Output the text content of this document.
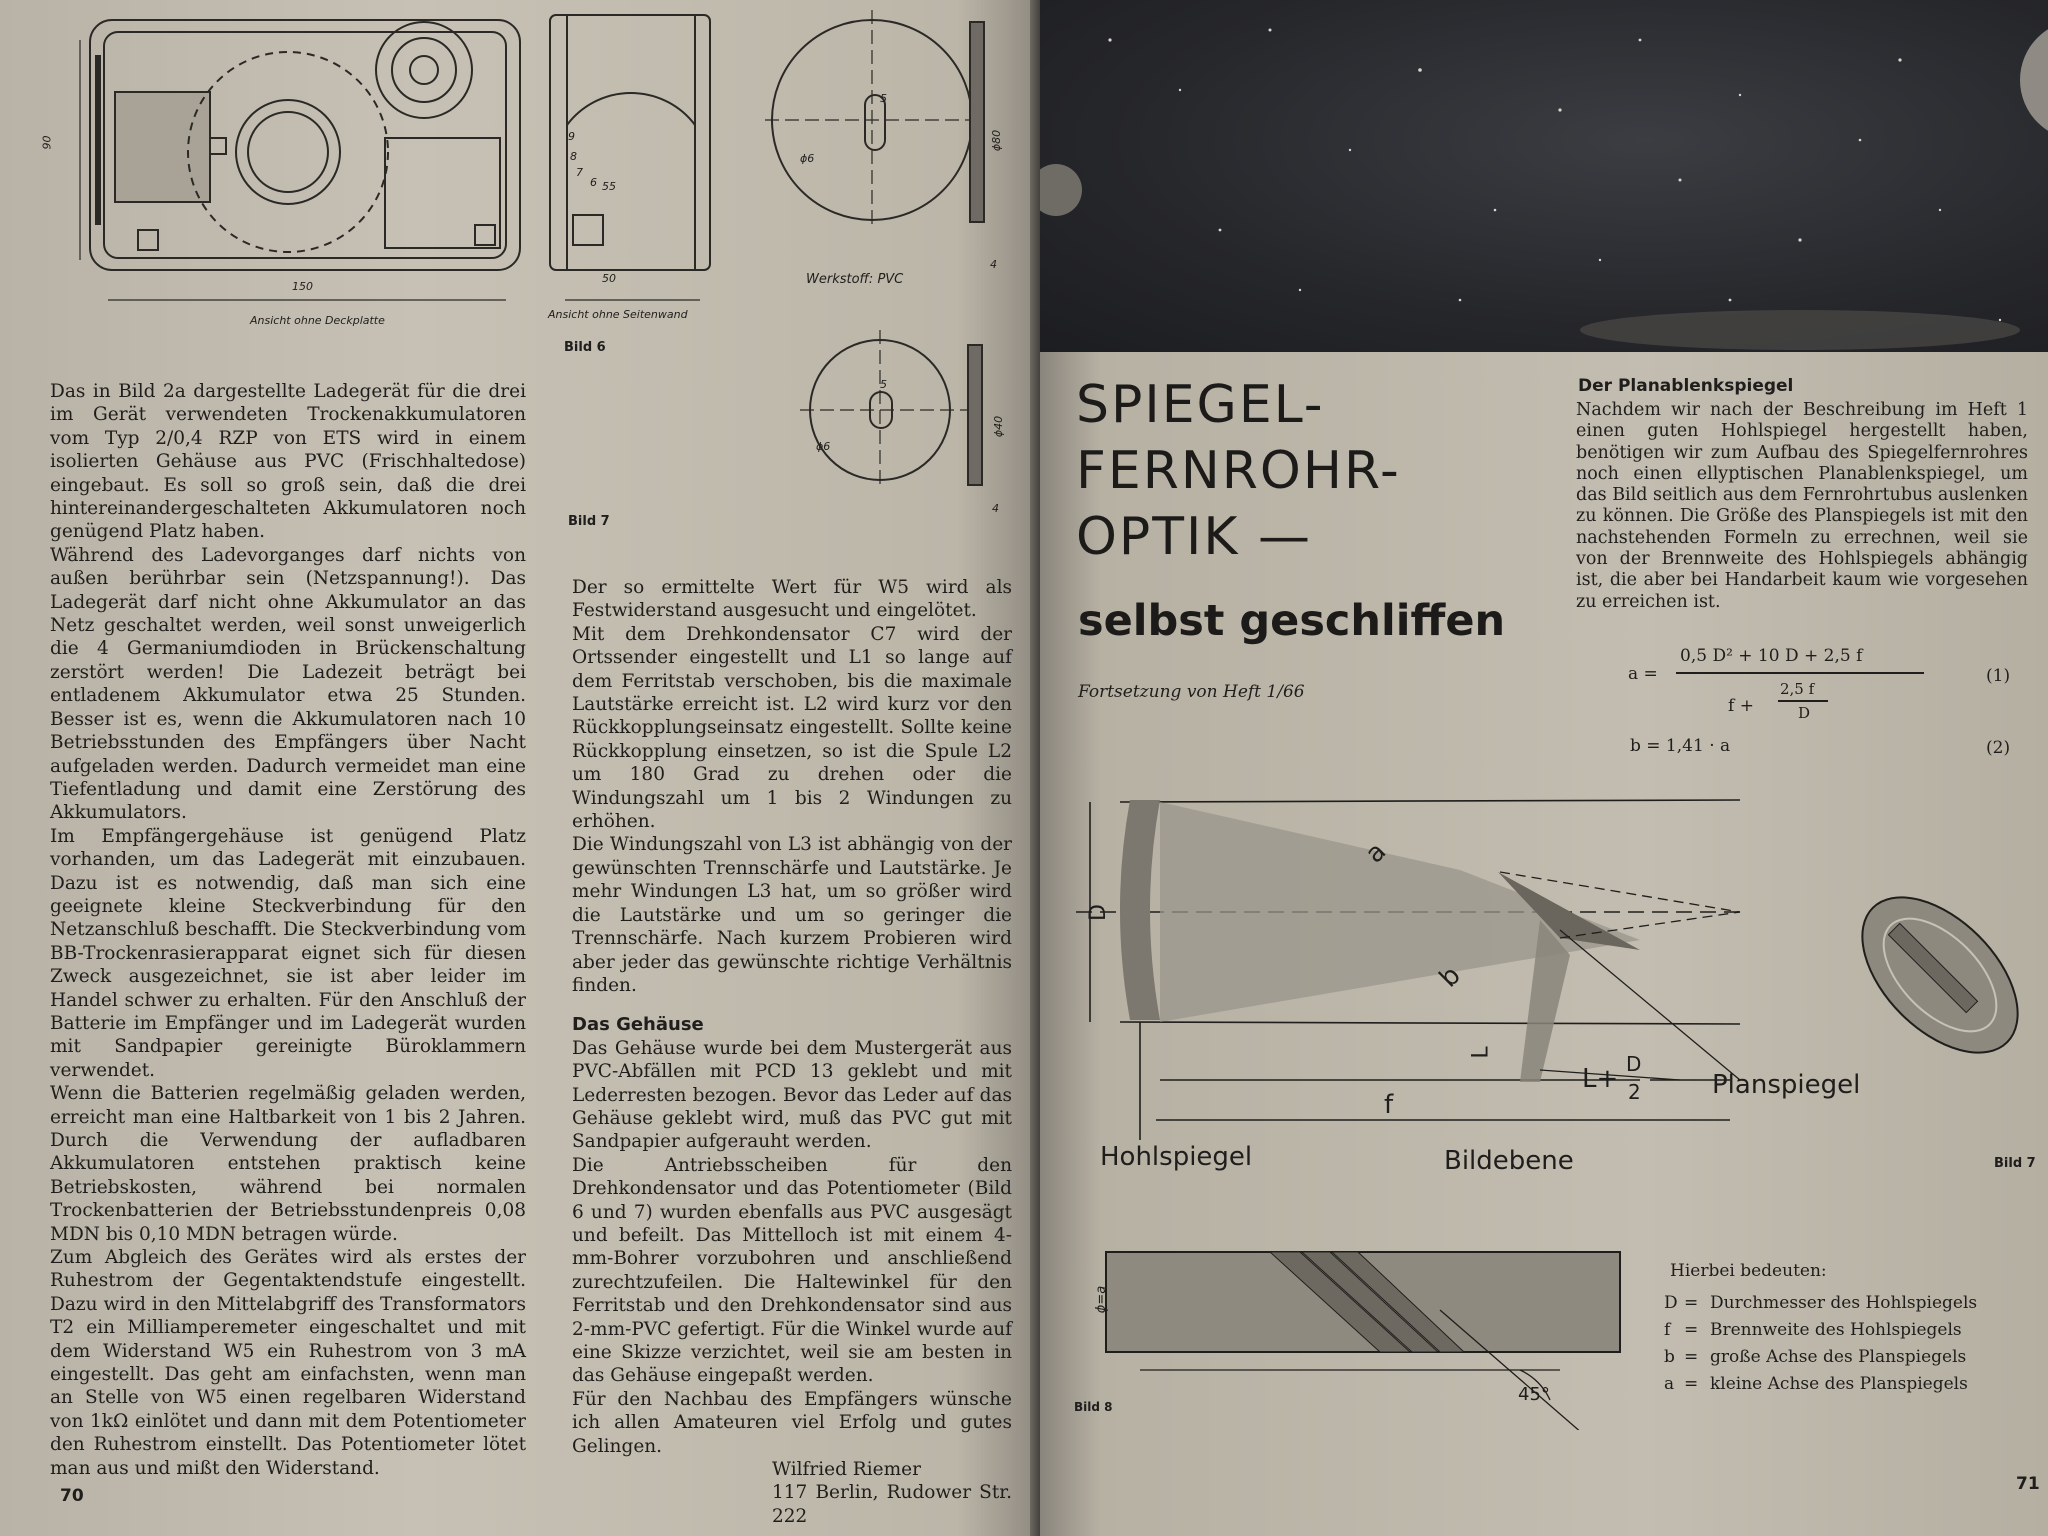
90
150
Ansicht ohne Deckplatte
50
Ansicht ohne Seitenwand
9
8
7
6 55
ϕ6
5
ϕ80
4
Werkstoff: PVC
Bild 6
ϕ6
5
ϕ40
4
Bild 7

Das in Bild 2a dargestellte Ladegerät für die drei im Gerät verwendeten Trockenakkumulatoren vom Typ 2/0,4 RZP von ETS wird in einem isolierten Gehäuse aus PVC (Frischhaltedose) eingebaut. Es soll so groß sein, daß die drei hintereinandergeschalteten Akkumulatoren noch genügend Platz haben.

Während des Ladevorganges darf nichts von außen berührbar sein (Netzspannung!). Das Ladegerät darf nicht ohne Akkumulator an das Netz geschaltet werden, weil sonst unweigerlich die 4 Germaniumdioden in Brückenschaltung zerstört werden! Die Ladezeit beträgt bei entladenem Akkumulator etwa 25 Stunden. Besser ist es, wenn die Akkumulatoren nach 10 Betriebsstunden des Empfängers über Nacht aufgeladen werden. Dadurch vermeidet man eine Tiefentladung und damit eine Zerstörung des Akkumulators.

Im Empfängergehäuse ist genügend Platz vorhanden, um das Ladegerät mit einzubauen. Dazu ist es notwendig, daß man sich eine geeignete kleine Steckverbindung für den Netzanschluß beschafft. Die Steckverbindung vom BB-Trockenrasierapparat eignet sich für diesen Zweck ausgezeichnet, sie ist aber leider im Handel schwer zu erhalten. Für den Anschluß der Batterie im Empfänger und im Ladegerät wurden mit Sandpapier gereinigte Büroklammern verwendet.

Wenn die Batterien regelmäßig geladen werden, erreicht man eine Haltbarkeit von 1 bis 2 Jahren. Durch die Verwendung der aufladbaren Akkumulatoren entstehen praktisch keine Betriebskosten, während bei normalen Trockenbatterien der Betriebsstundenpreis 0,08 MDN bis 0,10 MDN betragen würde.

Zum Abgleich des Gerätes wird als erstes der Ruhestrom der Gegentaktendstufe eingestellt. Dazu wird in den Mittelabgriff des Transformators T2 ein Milliamperemeter eingeschaltet und mit dem Widerstand W5 ein Ruhestrom von 3 mA eingestellt. Das geht am einfachsten, wenn man an Stelle von W5 einen regelbaren Widerstand von 1kΩ einlötet und dann mit dem Potentiometer den Ruhestrom einstellt. Das Potentiometer lötet man aus und mißt den Widerstand.

Der so ermittelte Wert für W5 wird als Festwiderstand ausgesucht und eingelötet.

Mit dem Drehkondensator C7 wird der Ortssender eingestellt und L1 so lange auf dem Ferritstab verschoben, bis die maximale Lautstärke erreicht ist. L2 wird kurz vor den Rückkopplungseinsatz eingestellt. Sollte keine Rückkopplung einsetzen, so ist die Spule L2 um 180 Grad zu drehen oder die Windungszahl um 1 bis 2 Windungen zu erhöhen.

Die Windungszahl von L3 ist abhängig von der gewünschten Trennschärfe und Lautstärke. Je mehr Windungen L3 hat, um so größer wird die Lautstärke und um so geringer die Trennschärfe. Nach kurzem Probieren wird aber jeder das gewünschte richtige Verhältnis finden.

Das Gehäuse

Das Gehäuse wurde bei dem Mustergerät aus PVC-Abfällen mit PCD 13 geklebt und mit Lederresten bezogen. Bevor das Leder auf das Gehäuse geklebt wird, muß das PVC gut mit Sandpapier aufgerauht werden.

Die Antriebsscheiben für den Drehkondensator und das Potentiometer (Bild 6 und 7) wurden ebenfalls aus PVC ausgesägt und befeilt. Das Mittelloch ist mit einem 4-mm-Bohrer vorzubohren und anschließend zurechtzufeilen. Die Haltewinkel für den Ferritstab und den Drehkondensator sind aus 2-mm-PVC gefertigt. Für die Winkel wurde auf eine Skizze verzichtet, weil sie am besten in das Gehäuse eingepaßt werden.

Für den Nachbau des Empfängers wünsche ich allen Amateuren viel Erfolg und gutes Gelingen.

Wilfried Riemer

117 Berlin, Rudower Str. 222

70
SPIEGEL-
FERNROHR-
OPTIK —
selbst geschliffen
Fortsetzung von Heft 1/66
Der Planablenkspiegel
Nachdem wir nach der Beschreibung im Heft 1 einen guten Hohlspiegel hergestellt haben, benötigen wir zum Aufbau des Spiegelfernrohres noch einen ellyptischen Planablenkspiegel, um das Bild seitlich aus dem Fernrohrtubus auslenken zu können. Die Größe des Planspiegels ist mit den nachstehenden Formeln zu errechnen, weil sie von der Brennweite des Hohlspiegels abhängig ist, die aber bei Handarbeit kaum wie vorgesehen zu erreichen ist.
a =
0,5 D² + 10 D + 2,5 f
f +
2,5 f
D
(1)
b = 1,41 · a	(2)
D
L
L+ D
2
f
a
b
Hohlspiegel	Bildebene
Planspiegel
Bild 7
ϕ=a
45°
Bild 8
Hierbei bedeuten:
D = Durchmesser des Hohlspiegels
f = Brennweite des Hohlspiegels
b = große Achse des Planspiegels
a = kleine Achse des Planspiegels
71
